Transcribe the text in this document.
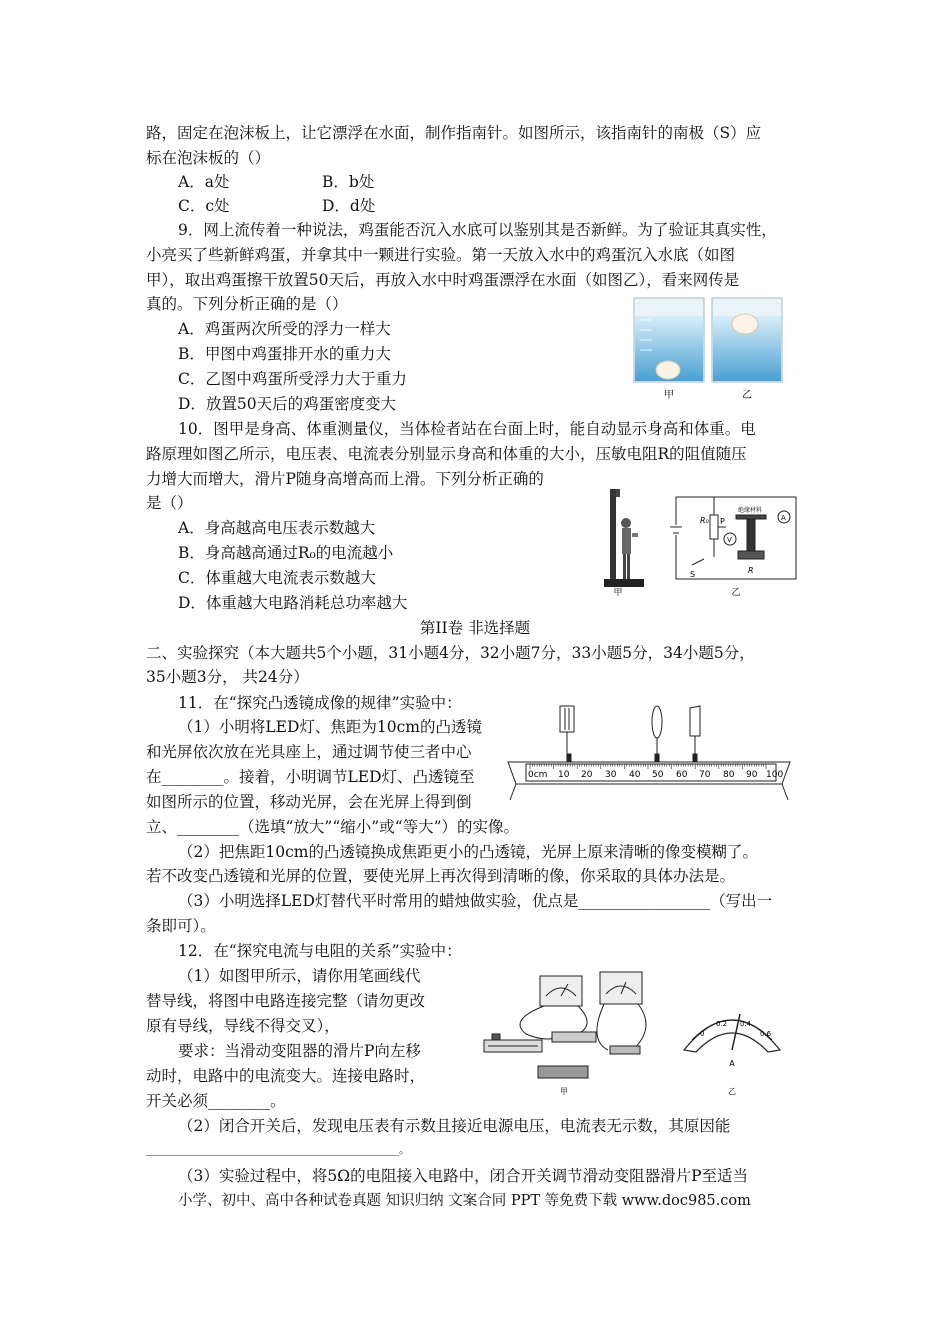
路，固定在泡沫板上，让它漂浮在水面，制作指南针。如图所示，该指南针的南极（S）应
标在泡沫板的（）
A．a处	B．b处
C．c处	D．d处
9．网上流传着一种说法，鸡蛋能否沉入水底可以鉴别其是否新鲜。为了验证其真实性，
小亮买了些新鲜鸡蛋，并拿其中一颗进行实验。第一天放入水中的鸡蛋沉入水底（如图
甲），取出鸡蛋擦干放置50天后，再放入水中时鸡蛋漂浮在水面（如图乙），看来网传是
真的。下列分析正确的是（）
A．鸡蛋两次所受的浮力一样大
B．甲图中鸡蛋排开水的重力大
C．乙图中鸡蛋所受浮力大于重力
D．放置50天后的鸡蛋密度变大
10．图甲是身高、体重测量仪，当体检者站在台面上时，能自动显示身高和体重。电
路原理如图乙所示，电压表、电流表分别显示身高和体重的大小，压敏电阻R的阻值随压
力增大而增大，滑片P随身高增高而上滑。下列分析正确的
是（）
A．身高越高电压表示数越大
B．身高越高通过R₀的电流越小
C．体重越大电流表示数越大
D．体重越大电路消耗总功率越大
第II卷 非选择题
二、实验探究（本大题共5个小题，31小题4分，32小题7分，33小题5分，34小题5分，
35小题3分， 共24分）
11．在“探究凸透镜成像的规律”实验中：
（1）小明将LED灯、焦距为10cm的凸透镜
和光屏依次放在光具座上，通过调节使三者中心
在________。接着，小明调节LED灯、凸透镜至
如图所示的位置，移动光屏，会在光屏上得到倒
立、________（选填“放大”“缩小”或“等大”）的实像。
（2）把焦距10cm的凸透镜换成焦距更小的凸透镜，光屏上原来清晰的像变模糊了。
若不改变凸透镜和光屏的位置，要使光屏上再次得到清晰的像，你采取的具体办法是。
（3）小明选择LED灯替代平时常用的蜡烛做实验，优点是_________________（写出一
条即可）。
12．在“探究电流与电阻的关系”实验中：
（1）如图甲所示，请你用笔画线代
替导线，将图中电路连接完整（请勿更改
原有导线，导线不得交叉），
要求：当滑动变阻器的滑片P向左移
动时，电路中的电流变大。连接电路时，
开关必须________。
（2）闭合开关后，发现电压表有示数且接近电源电压，电流表无示数，其原因能
______________________________________________。
（3）实验过程中，将5Ω的电阻接入电路中，闭合开关调节滑动变阻器滑片P至适当
小学、初中、高中各种试卷真题 知识归纳 文案合同 PPT 等免费下载 www.doc985.com
甲	乙
甲
R₀ P
V
A
绝缘材料
S	R
乙
0cm 10 20 30 40 50 60 70 80 90 100
甲
0
0.2 0.4
0.6
A
乙
